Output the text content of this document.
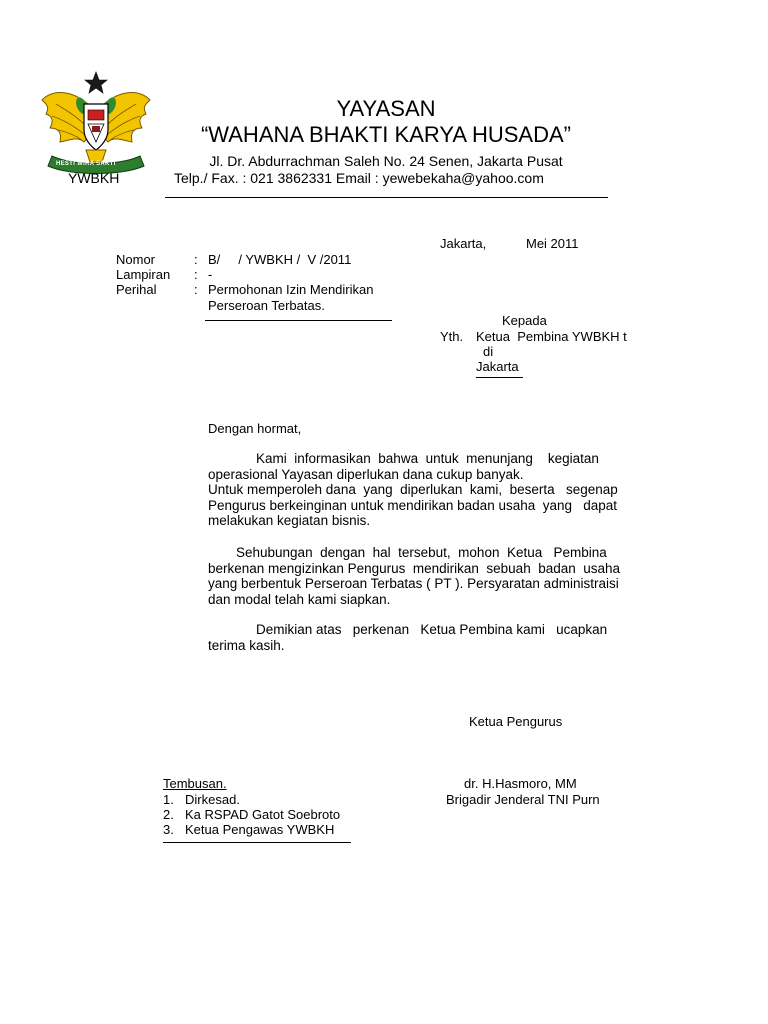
HESTI WIRA SAKTI
YWBKH
YAYASAN
“WAHANA BHAKTI KARYA HUSADA”
Jl. Dr. Abdurrachman Saleh No. 24 Senen, Jakarta Pusat
Telp./ Fax. : 021 3862331 Email : yewebekaha@yahoo.com
Jakarta,	Mei 2011
Nomor	: B/     / YWBKH /  V /2011
Lampiran : -
Perihal	: Permohonan Izin Mendirikan
Perseroan Terbatas.
Kepada
Yth. Ketua  Pembina YWBKH t
di
Jakarta
Dengan hormat,
Kami  informasikan  bahwa  untuk  menunjang    kegiatan
operasional Yayasan diperlukan dana cukup banyak.
Untuk memperoleh dana  yang  diperlukan  kami,  beserta   segenap
Pengurus berkeinginan untuk mendirikan badan usaha  yang   dapat
melakukan kegiatan bisnis.
Sehubungan  dengan  hal  tersebut,  mohon  Ketua   Pembina
berkenan mengizinkan Pengurus  mendirikan  sebuah  badan  usaha
yang berbentuk Perseroan Terbatas ( PT ). Persyaratan administraisi
dan modal telah kami siapkan.
Demikian atas   perkenan   Ketua Pembina kami   ucapkan
terima kasih.
Ketua Pengurus
dr. H.Hasmoro, MM
Brigadir Jenderal TNI Purn
Tembusan.
1. Dirkesad.
2. Ka RSPAD Gatot Soebroto
3. Ketua Pengawas YWBKH
